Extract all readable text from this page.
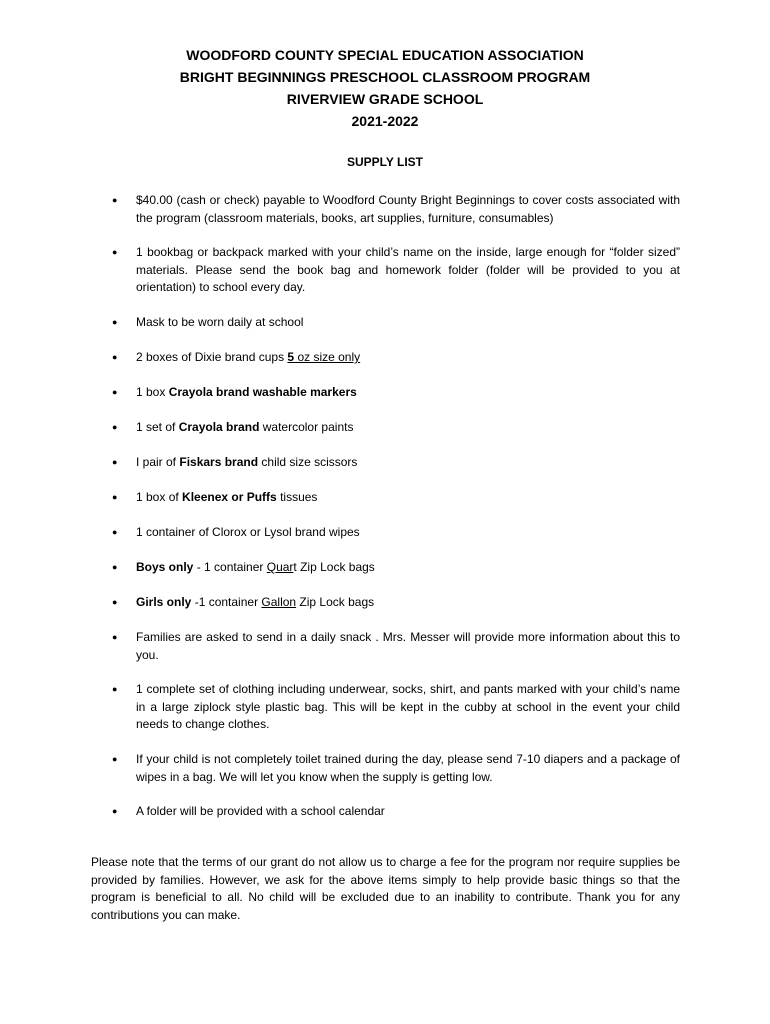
WOODFORD COUNTY SPECIAL EDUCATION ASSOCIATION
BRIGHT BEGINNINGS PRESCHOOL CLASSROOM PROGRAM
RIVERVIEW GRADE SCHOOL
2021-2022
SUPPLY LIST
● $40.00 (cash or check) payable to Woodford County Bright Beginnings to cover costs associated with the program (classroom materials, books, art supplies, furniture, consumables)
● 1 bookbag or backpack marked with your child’s name on the inside, large enough for “folder sized” materials. Please send the book bag and homework folder (folder will be provided to you at orientation) to school every day.
● Mask to be worn daily at school
● 2 boxes of Dixie brand cups 5 oz size only
● 1 box Crayola brand washable markers
● 1 set of Crayola brand watercolor paints
● I pair of Fiskars brand child size scissors
● 1 box of Kleenex or Puffs tissues
● 1 container of Clorox or Lysol brand wipes
● Boys only - 1 container Quart Zip Lock bags
● Girls only -1 container Gallon Zip Lock bags
● Families are asked to send in a daily snack . Mrs. Messer will provide more information about this to you.
● 1 complete set of clothing including underwear, socks, shirt, and pants marked with your child’s name in a large ziplock style plastic bag. This will be kept in the cubby at school in the event your child needs to change clothes.
● If your child is not completely toilet trained during the day, please send 7-10 diapers and a package of wipes in a bag. We will let you know when the supply is getting low.
● A folder will be provided with a school calendar

Please note that the terms of our grant do not allow us to charge a fee for the program nor require supplies be provided by families. However, we ask for the above items simply to help provide basic things so that the program is beneficial to all. No child will be excluded due to an inability to contribute. Thank you for any contributions you can make.
